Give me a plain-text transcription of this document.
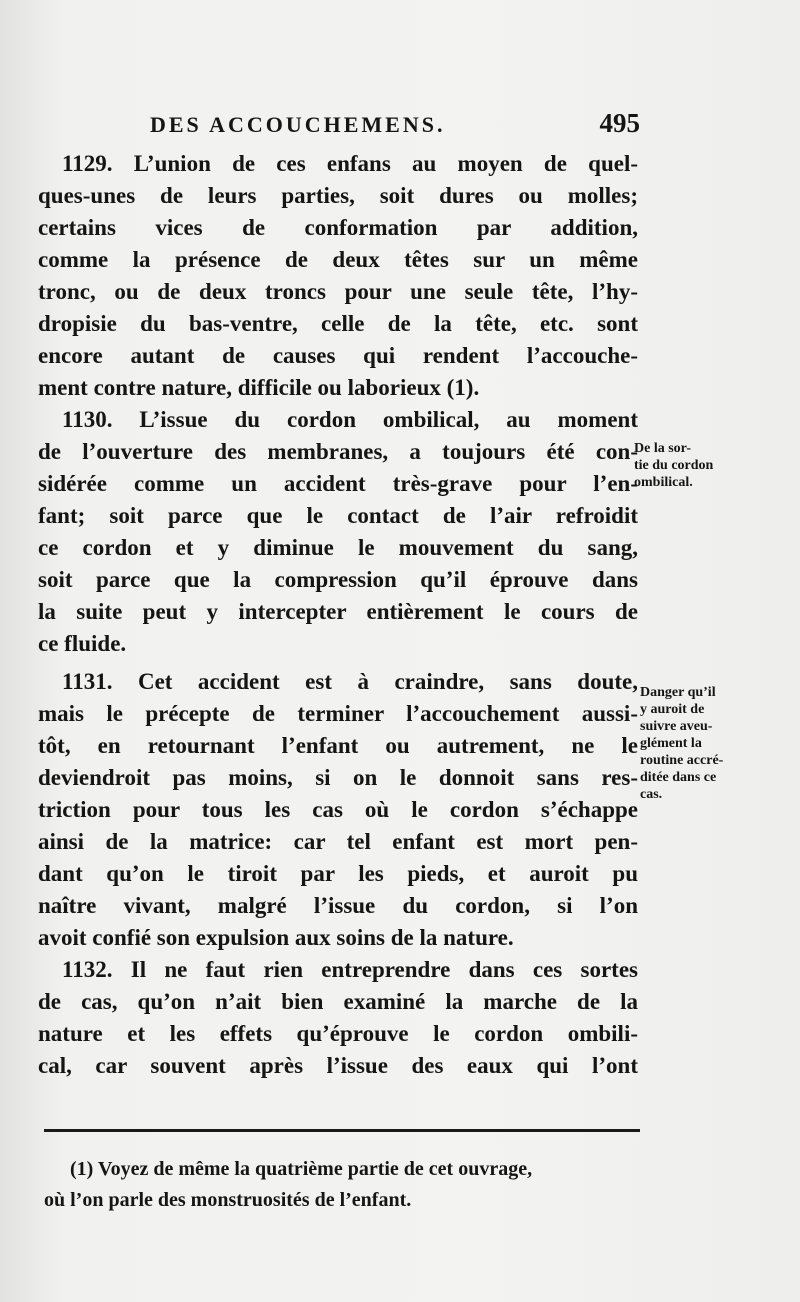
DES ACCOUCHEMENS.	495
1129. L’union de ces enfans au moyen de quel-
ques-unes de leurs parties, soit dures ou molles;
certains vices de conformation par addition,
comme la présence de deux têtes sur un même
tronc, ou de deux troncs pour une seule tête, l’hy-
dropisie du bas-ventre, celle de la tête, etc. sont
encore autant de causes qui rendent l’accouche-
ment contre nature, difficile ou laborieux (1).
1130. L’issue du cordon ombilical, au moment
de l’ouverture des membranes, a toujours été con-
sidérée comme un accident très-grave pour l’en-
fant; soit parce que le contact de l’air refroidit
ce cordon et y diminue le mouvement du sang,
soit parce que la compression qu’il éprouve dans
la suite peut y intercepter entièrement le cours de
ce fluide.
1131. Cet accident est à craindre, sans doute,
mais le précepte de terminer l’accouchement aussi-
tôt, en retournant l’enfant ou autrement, ne le
deviendroit pas moins, si on le donnoit sans res-
triction pour tous les cas où le cordon s’échappe
ainsi de la matrice: car tel enfant est mort pen-
dant qu’on le tiroit par les pieds, et auroit pu
naître vivant, malgré l’issue du cordon, si l’on
avoit confié son expulsion aux soins de la nature.
1132. Il ne faut rien entreprendre dans ces sortes
de cas, qu’on n’ait bien examiné la marche de la
nature et les effets qu’éprouve le cordon ombili-
cal, car souvent après l’issue des eaux qui l’ont
De la sor-
tie du cordon
ombilical.
Danger qu’il
y auroit de
suivre aveu-
glément la
routine accré-
ditée dans ce
cas.
(1) Voyez de même la quatrième partie de cet ouvrage,
où l’on parle des monstruosités de l’enfant.
